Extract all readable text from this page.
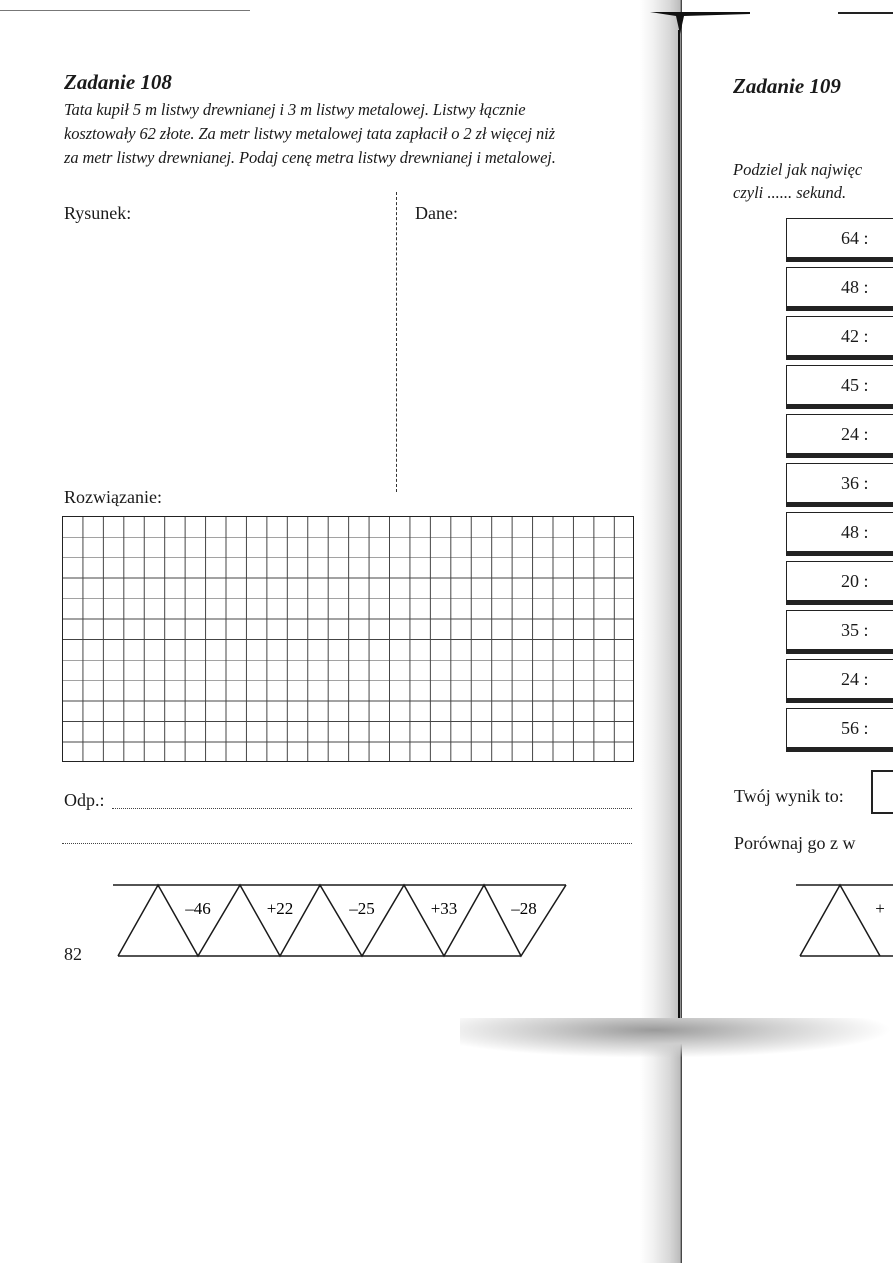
Zadanie 108
Tata kupił 5 m listwy drewnianej i 3 m listwy metalowej. Listwy łącznie
kosztowały 62 złote. Za metr listwy metalowej tata zapłacił o 2 zł więcej niż
za metr listwy drewnianej. Podaj cenę metra listwy drewnianej i metalowej.
Rysunek:	Dane:
Rozwiązanie:
Odp.:
–46	+22	–25	+33	–28
82
Zadanie 109
Podziel jak najwięc
czyli ...... sekund.
64 :
48 :
42 :
45 :
24 :
36 :
48 :
20 :
35 :
24 :
56 :
Twój wynik to:
Porównaj go z w
+
